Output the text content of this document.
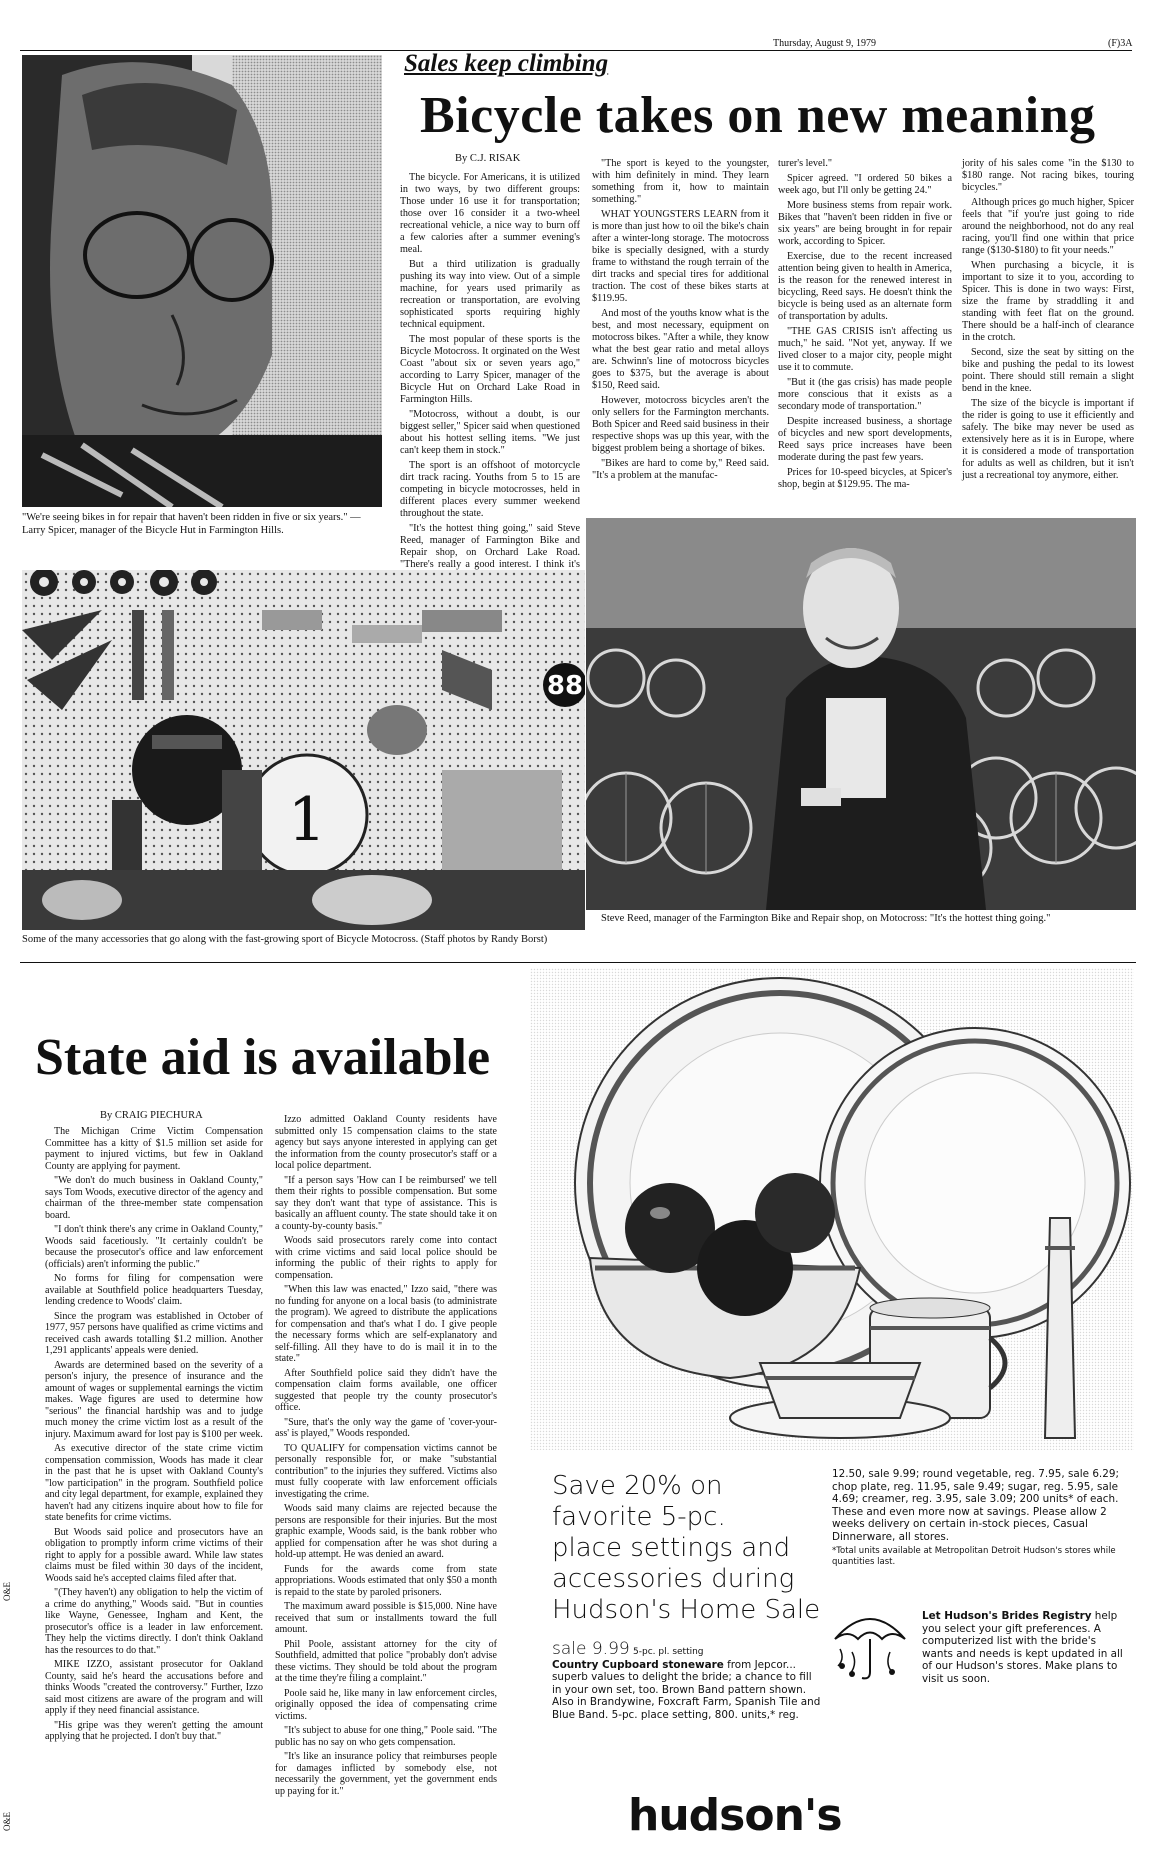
Thursday, August 9, 1979	(F)3A
"We're seeing bikes in for repair that haven't been ridden in five or six years." — Larry Spicer, manager of the Bicycle Hut in Farmington Hills.
Sales keep climbing
Bicycle takes on new meaning
By C.J. RISAK

The bicycle. For Americans, it is utilized in two ways, by two different groups: Those under 16 use it for transportation; those over 16 consider it a two-wheel recreational vehicle, a nice way to burn off a few calories after a summer evening's meal.

But a third utilization is gradually pushing its way into view. Out of a simple machine, for years used primarily as recreation or transportation, are evolving sophisticated sports requiring highly technical equipment.

The most popular of these sports is the Bicycle Motocross. It orginated on the West Coast "about six or seven years ago," according to Larry Spicer, manager of the Bicycle Hut on Orchard Lake Road in Farmington Hills.

"Motocross, without a doubt, is our biggest seller," Spicer said when questioned about his hottest selling items. "We just can't keep them in stock."

The sport is an offshoot of motorcycle dirt track racing. Youths from 5 to 15 are competing in bicycle motocrosses, held in different places every summer weekend throughout the state.

"It's the hottest thing going," said Steve Reed, manager of Farmington Bike and Repair shop, on Orchard Lake Road. "There's really a good interest. I think it's

"The sport is keyed to the youngster, with him definitely in mind. They learn something from it, how to maintain something."

WHAT YOUNGSTERS LEARN from it is more than just how to oil the bike's chain after a winter-long storage. The motocross bike is specially designed, with a sturdy frame to withstand the rough terrain of the dirt tracks and special tires for additional traction. The cost of these bikes starts at $119.95.

And most of the youths know what is the best, and most necessary, equipment on motocross bikes. "After a while, they know what the best gear ratio and metal alloys are. Schwinn's line of motocross bicycles goes to $375, but the average is about $150, Reed said.

However, motocross bicycles aren't the only sellers for the Farmington merchants. Both Spicer and Reed said business in their respective shops was up this year, with the biggest problem being a shortage of bikes.

"Bikes are hard to come by," Reed said. "It's a problem at the manufac-

turer's level."

Spicer agreed. "I ordered 50 bikes a week ago, but I'll only be getting 24."

More business stems from repair work. Bikes that "haven't been ridden in five or six years" are being brought in for repair work, according to Spicer.

Exercise, due to the recent increased attention being given to health in America, is the reason for the renewed interest in bicycling, Reed says. He doesn't think the bicycle is being used as an alternate form of transportation by adults.

"THE GAS CRISIS isn't affecting us much," he said. "Not yet, anyway. If we lived closer to a major city, people might use it to commute.

"But it (the gas crisis) has made people more conscious that it exists as a secondary mode of transportation."

Despite increased business, a shortage of bicycles and new sport developments, Reed says price increases have been moderate during the past few years.

Prices for 10-speed bicycles, at Spicer's shop, begin at $129.95. The ma-

jority of his sales come "in the $130 to $180 range. Not racing bikes, touring bicycles."

Although prices go much higher, Spicer feels that "if you're just going to ride around the neighborhood, not do any real racing, you'll find one within that price range ($130-$180) to fit your needs."

When purchasing a bicycle, it is important to size it to you, according to Spicer. This is done in two ways: First, size the frame by straddling it and standing with feet flat on the ground. There should be a half-inch of clearance in the crotch.

Second, size the seat by sitting on the bike and pushing the pedal to its lowest point. There should still remain a slight bend in the knee.

The size of the bicycle is important if the rider is going to use it efficiently and safely. The bike may never be used as extensively here as it is in Europe, where it is considered a mode of transportation for adults as well as children, but it isn't just a recreational toy anymore, either.

88
1
Some of the many accessories that go along with the fast-growing sport of Bicycle Motocross. (Staff photos by Randy Borst)
Steve Reed, manager of the Farmington Bike and Repair shop, on Motocross: "It's the hottest thing going."
State aid is available
By CRAIG PIECHURA

The Michigan Crime Victim Compensation Committee has a kitty of $1.5 million set aside for payment to injured victims, but few in Oakland County are applying for payment.

"We don't do much business in Oakland County," says Tom Woods, executive director of the agency and chairman of the three-member state compensation board.

"I don't think there's any crime in Oakland County," Woods said facetiously. "It certainly couldn't be because the prosecutor's office and law enforcement (officials) aren't informing the public."

No forms for filing for compensation were available at Southfield police headquarters Tuesday, lending credence to Woods' claim.

Since the program was established in October of 1977, 957 persons have qualified as crime victims and received cash awards totalling $1.2 million. Another 1,291 applicants' appeals were denied.

Awards are determined based on the severity of a person's injury, the presence of insurance and the amount of wages or supplemental earnings the victim makes. Wage figures are used to determine how "serious" the financial hardship was and to judge much money the crime victim lost as a result of the injury. Maximum award for lost pay is $100 per week.

As executive director of the state crime victim compensation commission, Woods has made it clear in the past that he is upset with Oakland County's "low participation" in the program. Southfield police and city legal department, for example, explained they haven't had any citizens inquire about how to file for state benefits for crime victims.

But Woods said police and prosecutors have an obligation to promptly inform crime victims of their right to apply for a possible award. While law states claims must be filed within 30 days of the incident, Woods said he's accepted claims filed after that.

"(They haven't) any obligation to help the victim of a crime do anything," Woods said. "But in counties like Wayne, Genessee, Ingham and Kent, the prosecutor's office is a leader in law enforcement. They help the victims directly. I don't think Oakland has the resources to do that."

MIKE IZZO, assistant prosecutor for Oakland County, said he's heard the accusations before and thinks Woods "created the controversy." Further, Izzo said most citizens are aware of the program and will apply if they need financial assistance.

"His gripe was they weren't getting the amount applying that he projected. I don't buy that."

Izzo admitted Oakland County residents have submitted only 15 compensation claims to the state agency but says anyone interested in applying can get the information from the county prosecutor's staff or a local police department.

"If a person says 'How can I be reimbursed' we tell them their rights to possible compensation. But some say they don't want that type of assistance. This is basically an affluent county. The state should take it on a county-by-county basis."

Woods said prosecutors rarely come into contact with crime victims and said local police should be informing the public of their rights to apply for compensation.

"When this law was enacted," Izzo said, "there was no funding for anyone on a local basis (to administrate the program). We agreed to distribute the applications for compensation and that's what I do. I give people the necessary forms which are self-explanatory and self-filling. All they have to do is mail it in to the state."

After Southfield police said they didn't have the compensation claim forms available, one officer suggested that people try the county prosecutor's office.

"Sure, that's the only way the game of 'cover-your-ass' is played," Woods responded.

TO QUALIFY for compensation victims cannot be personally responsible for, or make "substantial contribution" to the injuries they suffered. Victims also must fully cooperate with law enforcement officials investigating the crime.

Woods said many claims are rejected because the persons are responsible for their injuries. But the most graphic example, Woods said, is the bank robber who applied for compensation after he was shot during a hold-up attempt. He was denied an award.

Funds for the awards come from state appropriations. Woods estimated that only $50 a month is repaid to the state by paroled prisoners.

The maximum award possible is $15,000. Nine have received that sum or installments toward the full amount.

Phil Poole, assistant attorney for the city of Southfield, admitted that police "probably don't advise these victims. They should be told about the program at the time they're filing a complaint."

Poole said he, like many in law enforcement circles, originally opposed the idea of compensating crime victims.

"It's subject to abuse for one thing," Poole said. "The public has no say on who gets compensation.

"It's like an insurance policy that reimburses people for damages inflicted by somebody else, not necessarily the government, yet the government ends up paying for it."

O&E
O&E
Save 20% on
favorite 5-pc.
place settings and
accessories during
Hudson's Home Sale
sale 9.99 5-pc. pl. setting
Country Cupboard stoneware from Jepcor... superb values to delight the bride; a chance to fill in your own set, too. Brown Band pattern shown. Also in Brandywine, Foxcraft Farm, Spanish Tile and Blue Band. 5-pc. place setting, 800. units,* reg.
12.50, sale 9.99; round vegetable, reg. 7.95, sale 6.29; chop plate, reg. 11.95, sale 9.49; sugar, reg. 5.95, sale 4.69; creamer, reg. 3.95, sale 3.09; 200 units* of each. These and even more now at savings. Please allow 2 weeks delivery on certain in-stock pieces, Casual Dinnerware, all stores.
*Total units available at Metropolitan Detroit Hudson's stores while quantities last.
Let Hudson's Brides Registry help you select your gift preferences. A computerized list with the bride's wants and needs is kept updated in all of our Hudson's stores. Make plans to visit us soon.
hudson's
